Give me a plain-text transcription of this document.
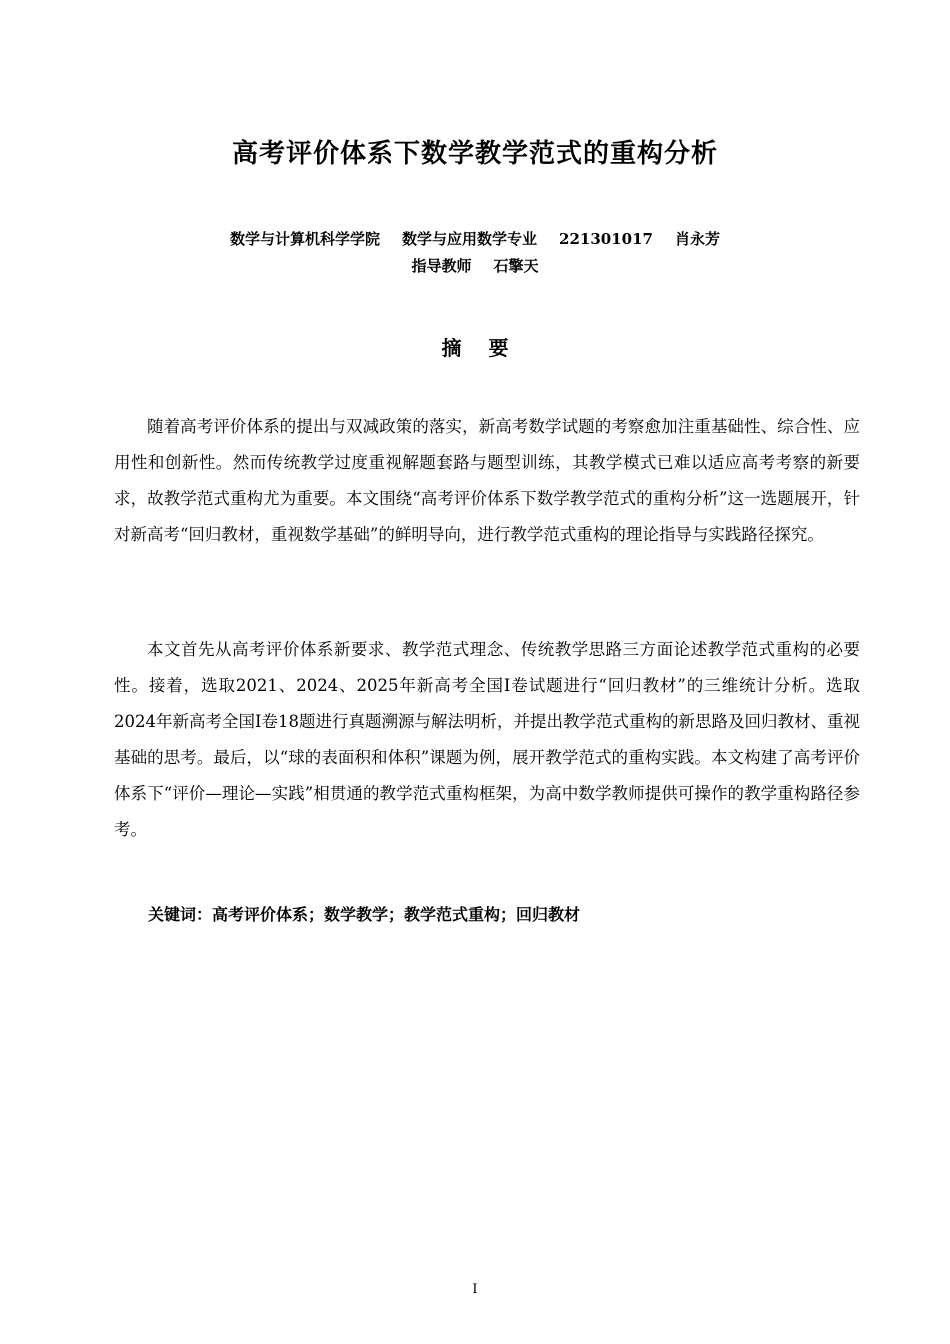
高考评价体系下数学教学范式的重构分析
数学与计算机科学学院 数学与应用数学专业 221301017 肖永芳
指导教师 石擎天
摘 要

随着高考评价体系的提出与双减政策的落实，新高考数学试题的考察愈加注重基础性、综合性、应用性和创新性。然而传统教学过度重视解题套路与题型训练，其教学模式已难以适应高考考察的新要求，故教学范式重构尤为重要。本文围绕“高考评价体系下数学教学范式的重构分析”这一选题展开，针对新高考“回归教材，重视数学基础”的鲜明导向，进行教学范式重构的理论指导与实践路径探究。

本文首先从高考评价体系新要求、教学范式理念、传统教学思路三方面论述教学范式重构的必要性。接着，选取2021、2024、2025年新高考全国Ⅰ卷试题进行“回归教材”的三维统计分析。选取2024年新高考全国Ⅰ卷18题进行真题溯源与解法明析，并提出教学范式重构的新思路及回归教材、重视基础的思考。最后，以“球的表面积和体积”课题为例，展开教学范式的重构实践。本文构建了高考评价体系下“评价—理论—实践”相贯通的教学范式重构框架，为高中数学教师提供可操作的教学重构路径参考。

关键词：高考评价体系；数学教学；教学范式重构；回归教材
I
